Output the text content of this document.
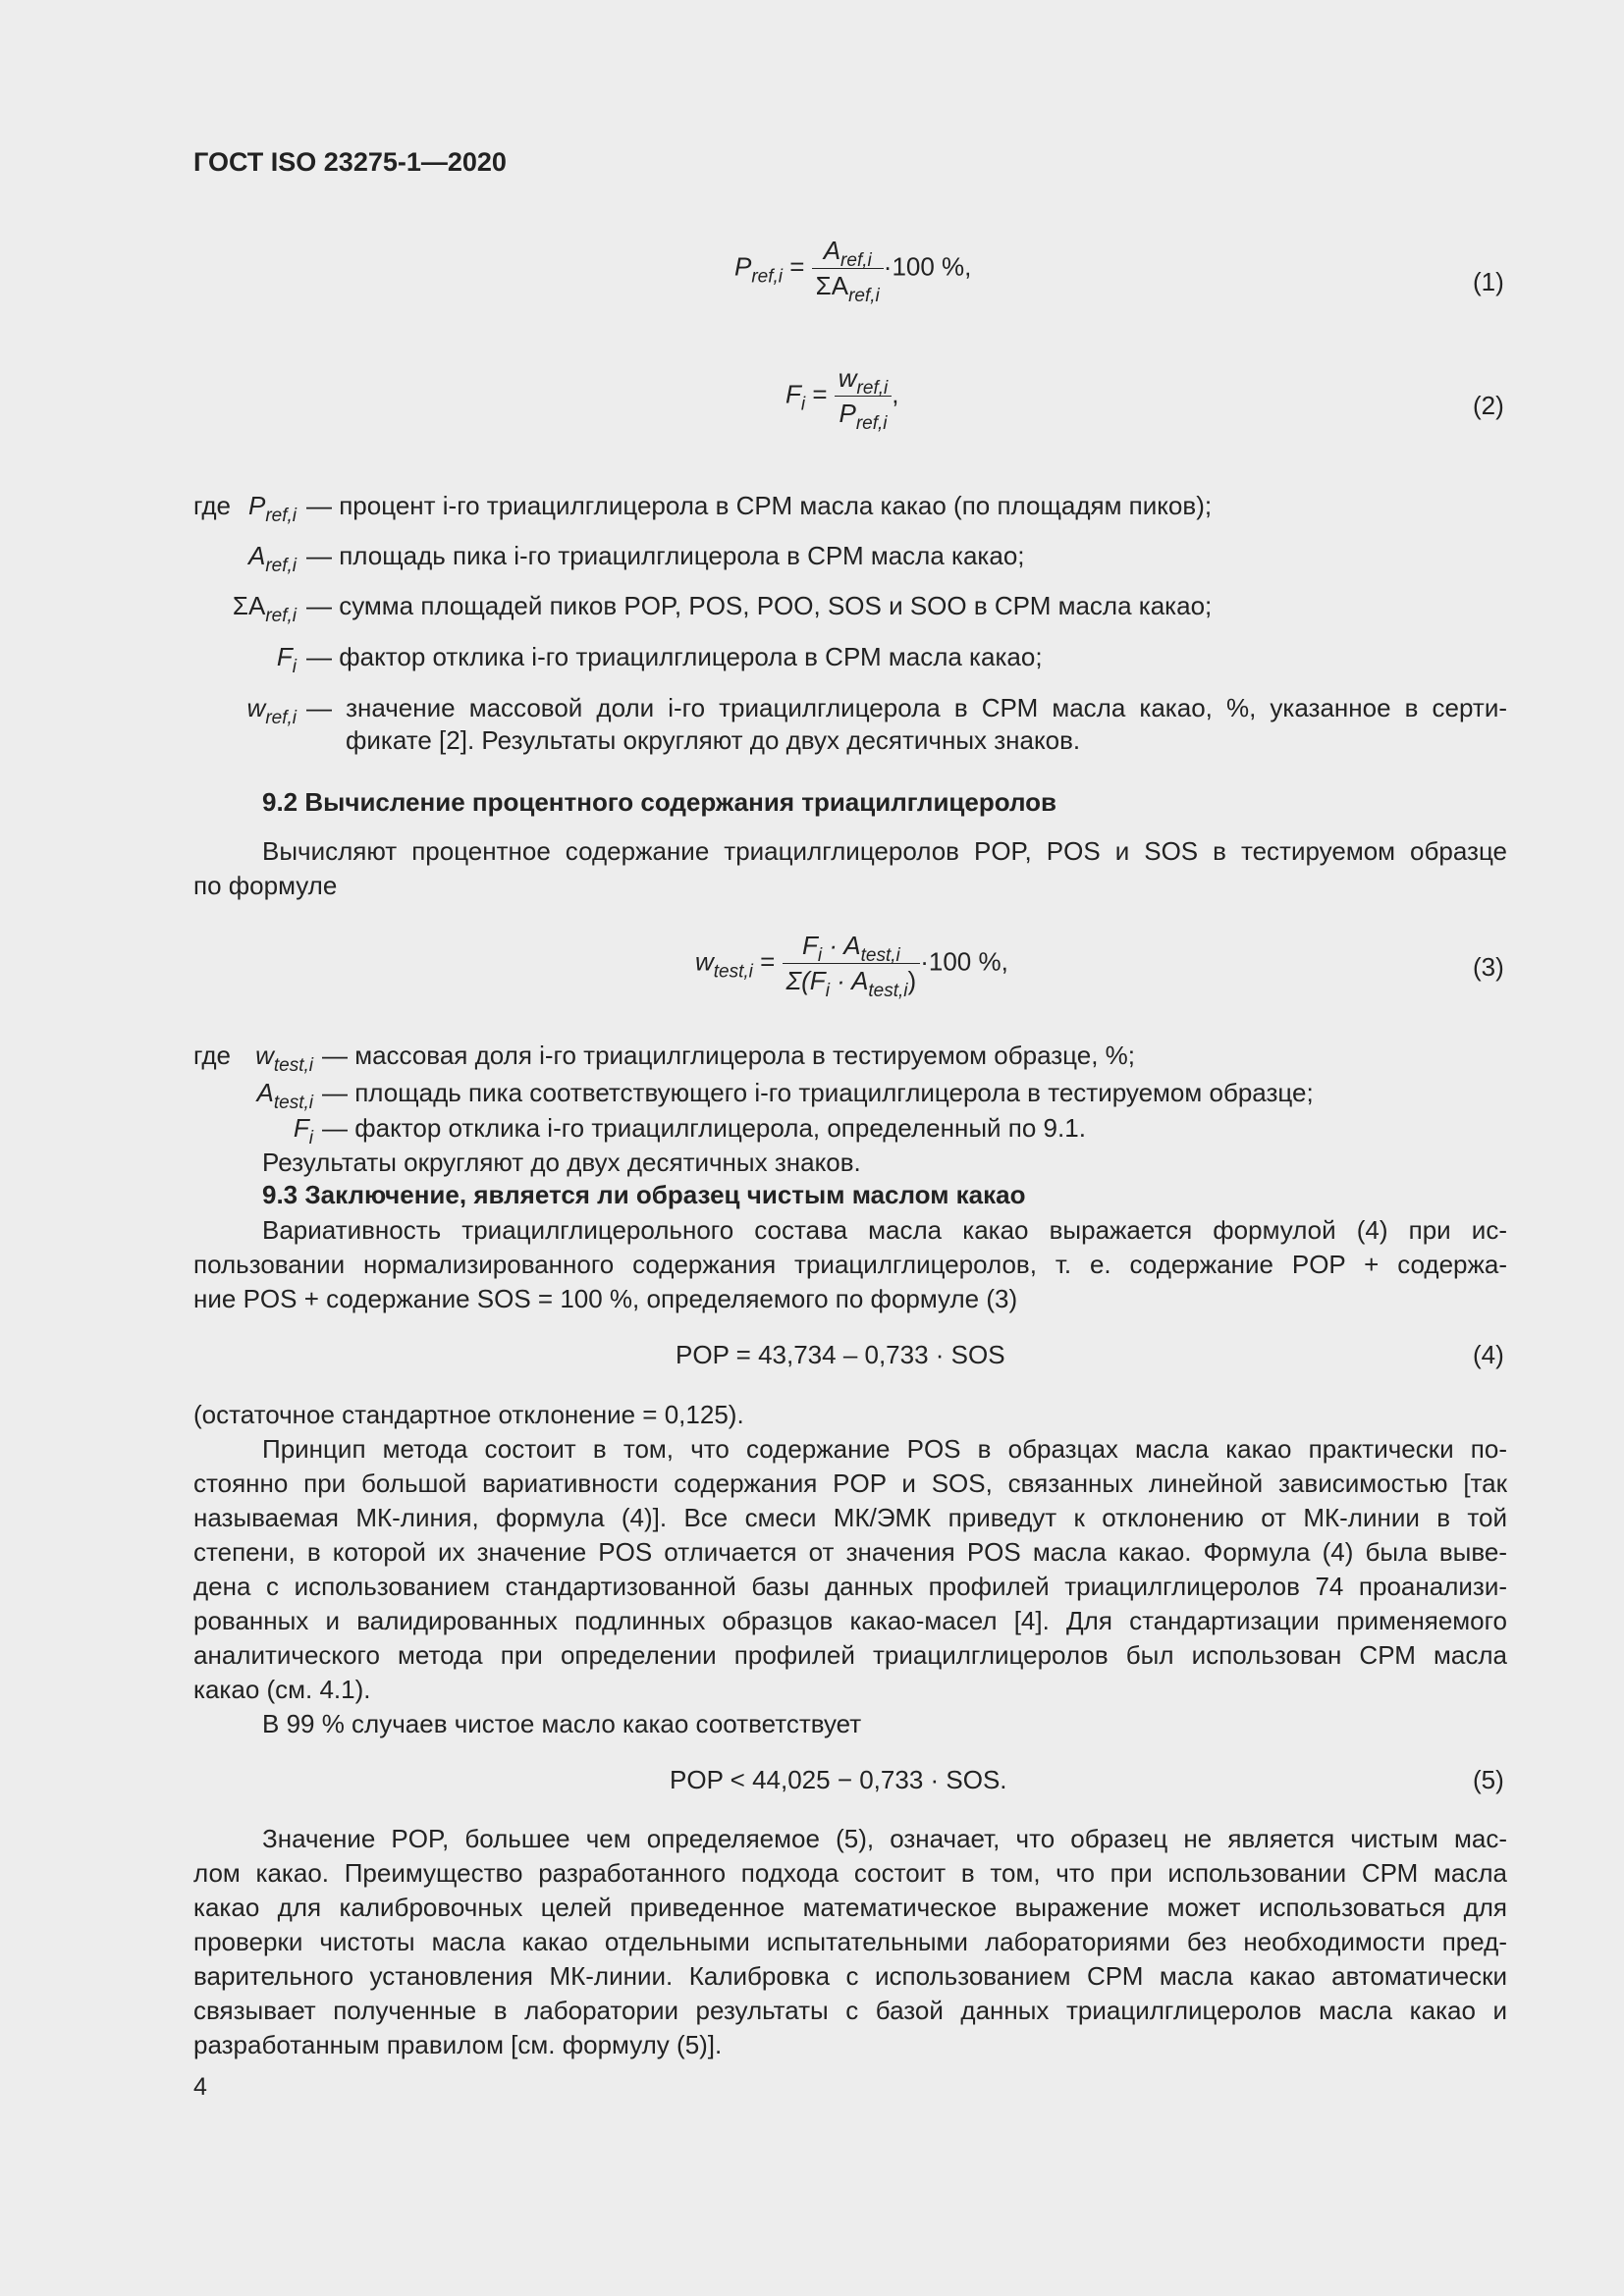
ГОСТ ISO 23275-1—2020
$P_{ref,i} = \frac{A_{ref,i}}{\Sigma A_{ref,i}} \cdot 100$ %,
(1)
$F_i = \frac{w_{ref,i}}{P_{ref,i}}$ ,	(2)
где $P_{ref,i}$ — процент i-го триацилглицерола в СРМ масла какао (по площадям пиков);
$A_{ref,i}$ — площадь пика i-го триацилглицерола в СРМ масла какао;
$\Sigma A_{ref,i}$ — сумма площадей пиков POP, POS, POO, SOS и SOO в СРМ масла какао;
$F_i$ — фактор отклика i-го триацилглицерола в СРМ масла какао;
$w_{ref,i}$ — значение массовой доли i-го триацилглицерола в СРМ масла какао, %, указанное в серти-
фикате [2]. Результаты округляют до двух десятичных знаков.
9.2 Вычисление процентного содержания триацилглицеролов
Вычисляют процентное содержание триацилглицеролов POP, POS и SOS в тестируемом образце
по формуле
$w_{test,i} = \frac{F_i \cdot A_{test,i}}{\Sigma(F_i \cdot A_{test,i})} \cdot 100$ %,	(3)
где $w_{test,i}$ — массовая доля i-го триацилглицерола в тестируемом образце, %;
$A_{test,i}$ — площадь пика соответствующего i-го триацилглицерола в тестируемом образце;
$F_i$ — фактор отклика i-го триацилглицерола, определенный по 9.1.
Результаты округляют до двух десятичных знаков.
9.3 Заключение, является ли образец чистым маслом какао
Вариативность триацилглицерольного состава масла какао выражается формулой (4) при ис-
пользовании нормализированного содержания триацилглицеролов, т. е. содержание POP + содержа-
ние POS + содержание SOS = 100 %, определяемого по формуле (3)
POP = 43,734 – 0,733 · SOS	(4)
(остаточное стандартное отклонение = 0,125).
Принцип метода состоит в том, что содержание POS в образцах масла какао практически по-
стоянно при большой вариативности содержания POP и SOS, связанных линейной зависимостью [так
называемая МК-линия, формула (4)]. Все смеси МК/ЭМК приведут к отклонению от МК-линии в той
степени, в которой их значение POS отличается от значения POS масла какао. Формула (4) была выве-
дена с использованием стандартизованной базы данных профилей триацилглицеролов 74 проанализи-
рованных и валидированных подлинных образцов какао-масел [4]. Для стандартизации применяемого
аналитического метода при определении профилей триацилглицеролов был использован СРМ масла
какао (см. 4.1).
В 99 % случаев чистое масло какао соответствует
POP < 44,025 − 0,733 · SOS.	(5)
Значение POP, большее чем определяемое (5), означает, что образец не является чистым мас-
лом какао. Преимущество разработанного подхода состоит в том, что при использовании СРМ масла
какао для калибровочных целей приведенное математическое выражение может использоваться для
проверки чистоты масла какао отдельными испытательными лабораториями без необходимости пред-
варительного установления МК-линии. Калибровка с использованием СРМ масла какао автоматически
связывает полученные в лаборатории результаты с базой данных триацилглицеролов масла какао и
разработанным правилом [см. формулу (5)].
4
